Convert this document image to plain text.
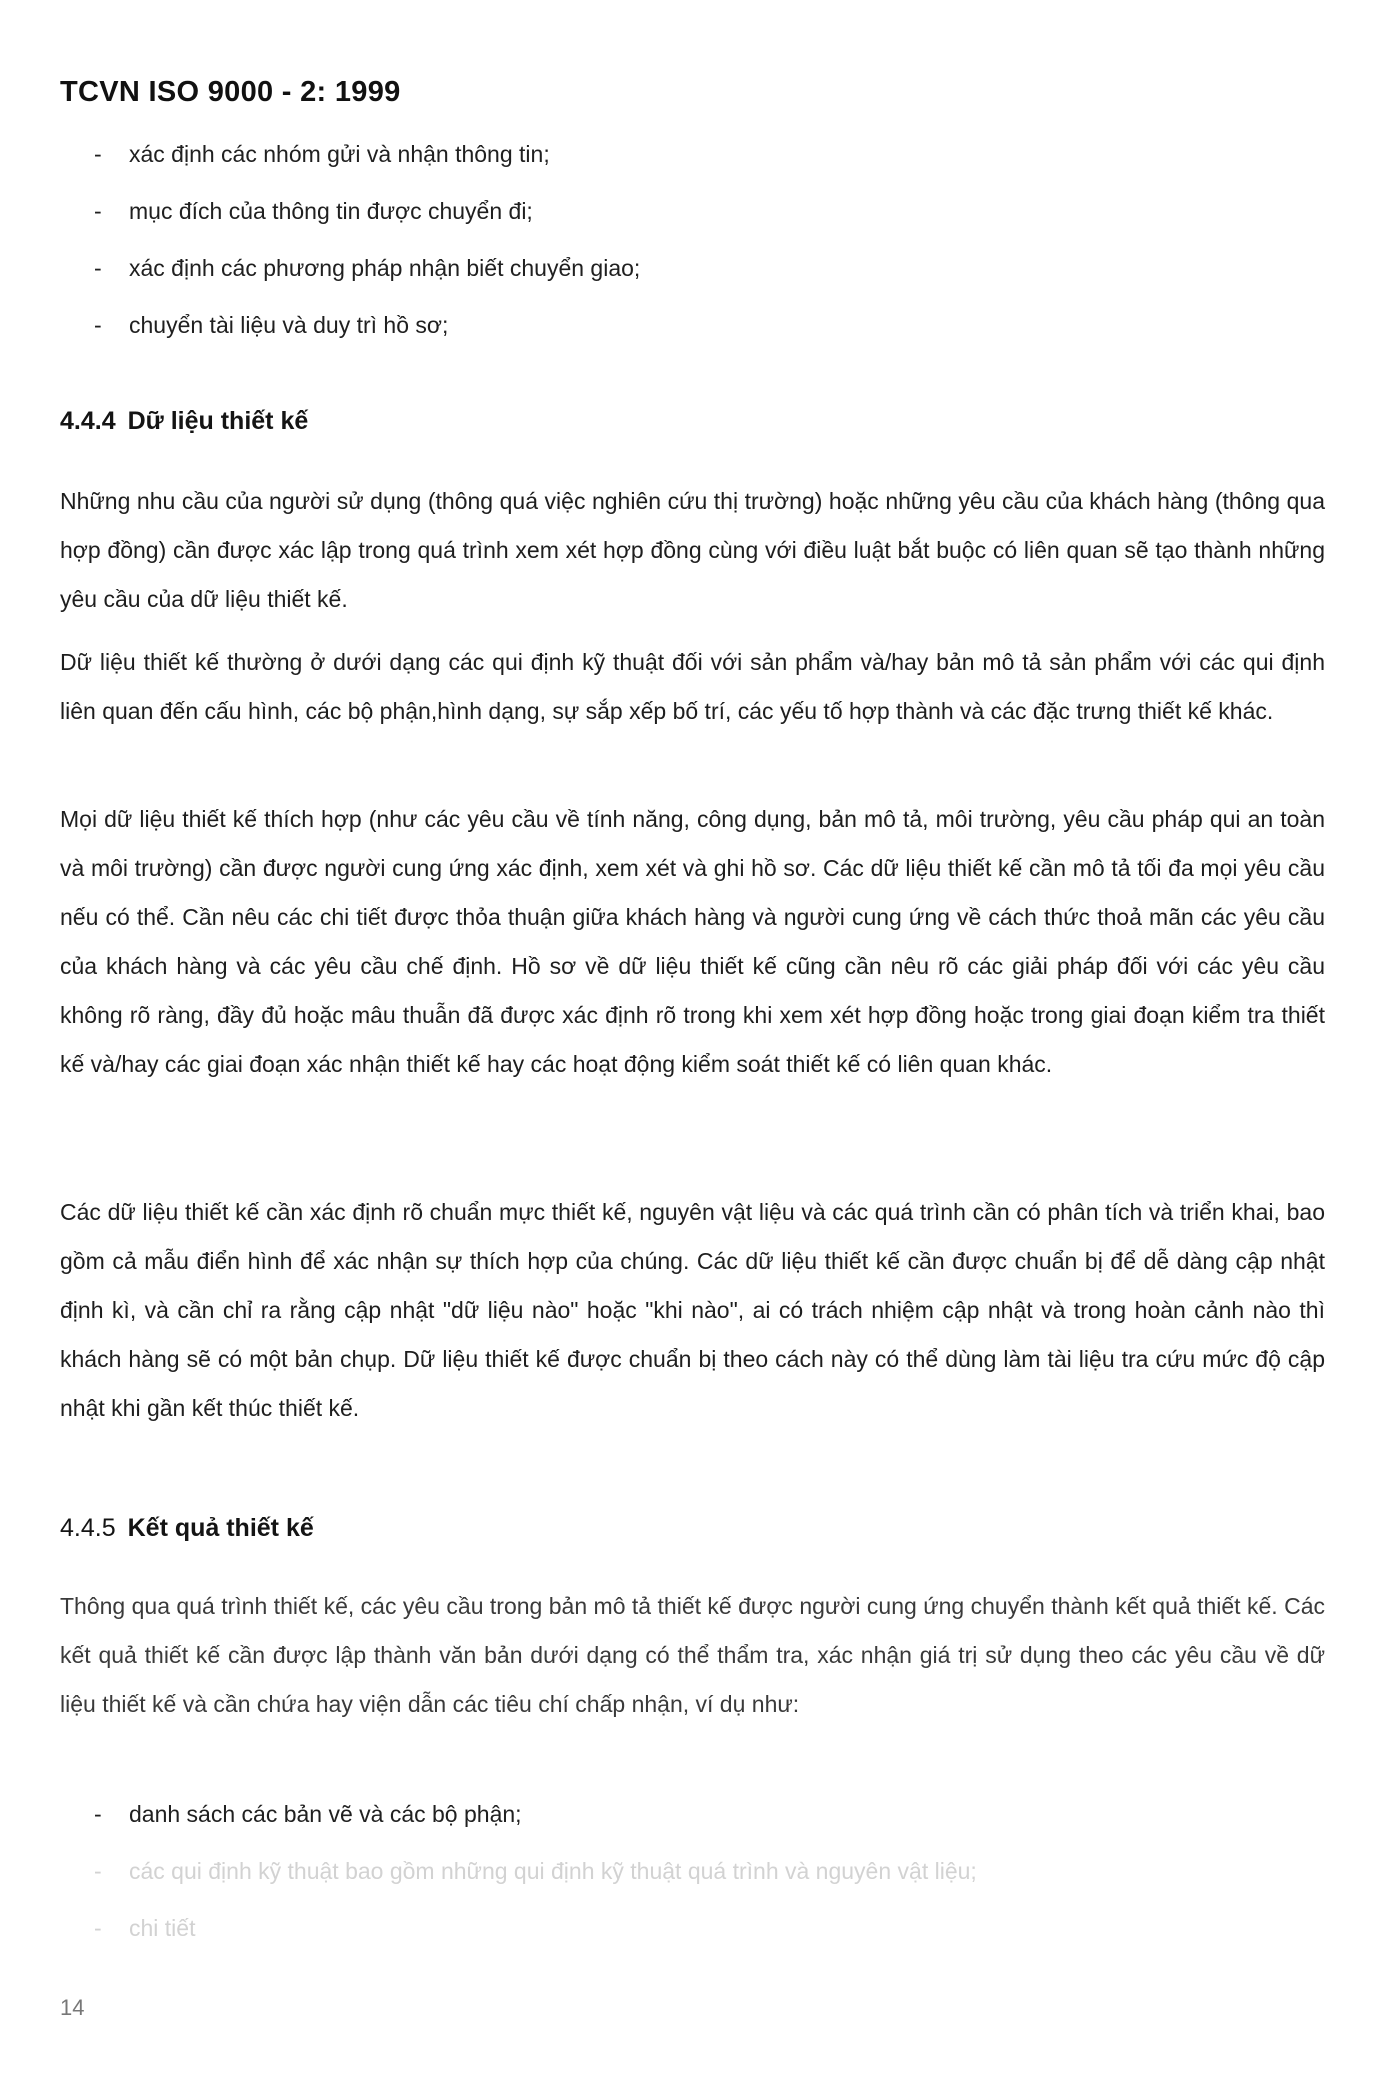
TCVN ISO 9000 - 2: 1999
- xác định các nhóm gửi và nhận thông tin;
- mục đích của thông tin được chuyển đi;
- xác định các phương pháp nhận biết chuyển giao;
- chuyển tài liệu và duy trì hồ sơ;
4.4.4 Dữ liệu thiết kế

Những nhu cầu của người sử dụng (thông quá việc nghiên cứu thị trường) hoặc những yêu cầu của khách hàng (thông qua hợp đồng) cần được xác lập trong quá trình xem xét hợp đồng cùng với điều luật bắt buộc có liên quan sẽ tạo thành những yêu cầu của dữ liệu thiết kế.

Dữ liệu thiết kế thường ở dưới dạng các qui định kỹ thuật đối với sản phẩm và/hay bản mô tả sản phẩm với các qui định liên quan đến cấu hình, các bộ phận,hình dạng, sự sắp xếp bố trí, các yếu tố hợp thành và các đặc trưng thiết kế khác.

Mọi dữ liệu thiết kế thích hợp (như các yêu cầu về tính năng, công dụng, bản mô tả, môi trường, yêu cầu pháp qui an toàn và môi trường) cần được người cung ứng xác định, xem xét và ghi hồ sơ. Các dữ liệu thiết kế cần mô tả tối đa mọi yêu cầu nếu có thể. Cần nêu các chi tiết được thỏa thuận giữa khách hàng và người cung ứng về cách thức thoả mãn các yêu cầu của khách hàng và các yêu cầu chế định. Hồ sơ về dữ liệu thiết kế cũng cần nêu rõ các giải pháp đối với các yêu cầu không rõ ràng, đầy đủ hoặc mâu thuẫn đã được xác định rõ trong khi xem xét hợp đồng hoặc trong giai đoạn kiểm tra thiết kế và/hay các giai đoạn xác nhận thiết kế hay các hoạt động kiểm soát thiết kế có liên quan khác.

Các dữ liệu thiết kế cần xác định rõ chuẩn mực thiết kế, nguyên vật liệu và các quá trình cần có phân tích và triển khai, bao gồm cả mẫu điển hình để xác nhận sự thích hợp của chúng. Các dữ liệu thiết kế cần được chuẩn bị để dễ dàng cập nhật định kì, và cần chỉ ra rằng cập nhật "dữ liệu nào" hoặc "khi nào", ai có trách nhiệm cập nhật và trong hoàn cảnh nào thì khách hàng sẽ có một bản chụp. Dữ liệu thiết kế được chuẩn bị theo cách này có thể dùng làm tài liệu tra cứu mức độ cập nhật khi gần kết thúc thiết kế.

4.4.5 Kết quả thiết kế

Thông qua quá trình thiết kế, các yêu cầu trong bản mô tả thiết kế được người cung ứng chuyển thành kết quả thiết kế. Các kết quả thiết kế cần được lập thành văn bản dưới dạng có thể thẩm tra, xác nhận giá trị sử dụng theo các yêu cầu về dữ liệu thiết kế và cần chứa hay viện dẫn các tiêu chí chấp nhận, ví dụ như:

- danh sách các bản vẽ và các bộ phận;
- các qui định kỹ thuật bao gồm những qui định kỹ thuật quá trình và nguyên vật liệu;
- chi tiết
14
